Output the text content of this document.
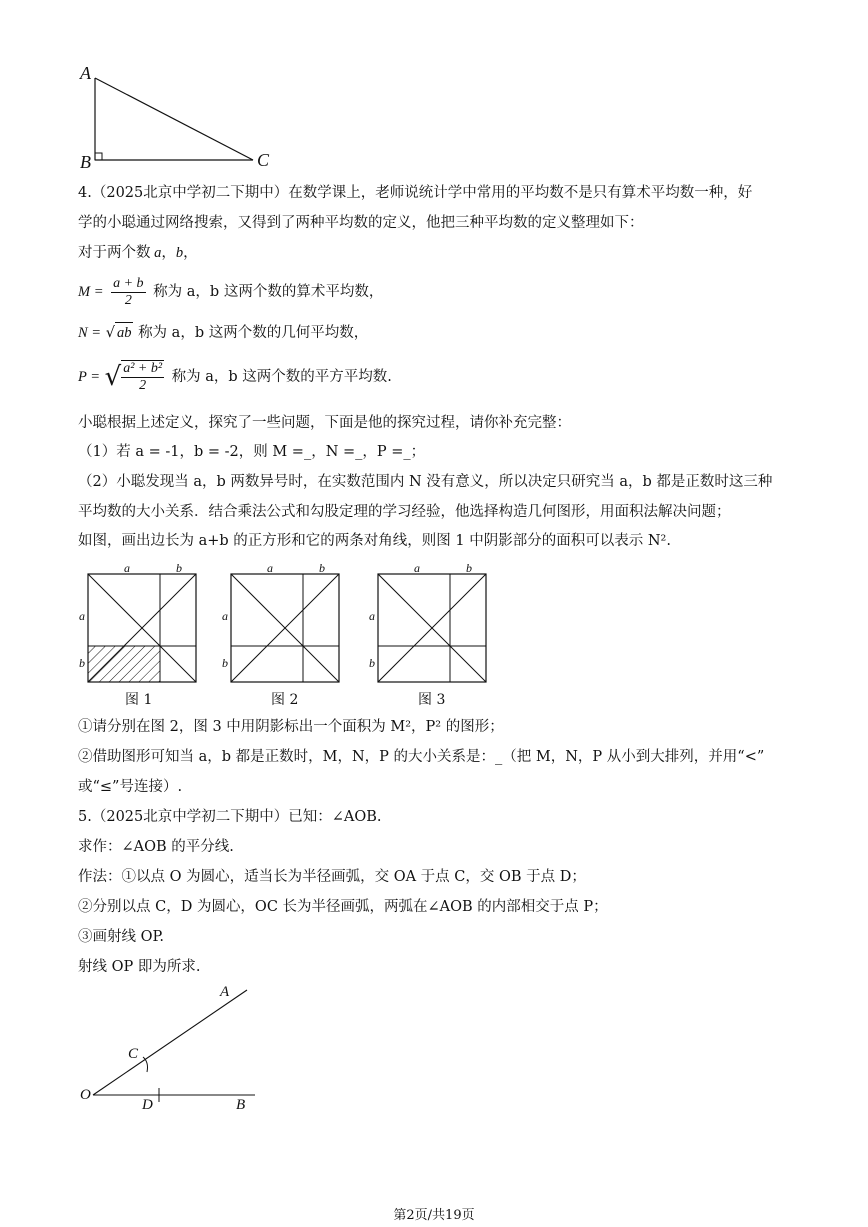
A
B	C
4.（2025北京中学初二下期中）在数学课上，老师说统计学中常用的平均数不是只有算术平均数一种，好
学的小聪通过网络搜索，又得到了两种平均数的定义，他把三种平均数的定义整理如下：
对于两个数 a，b，
$M = \frac{a + b}{2}$ 称为 a，b 这两个数的算术平均数，
N = √ ab 称为 a，b 这两个数的几何平均数，
P = √ $\frac{\text{a² + b²}}{2}$ 称为 a，b 这两个数的平方平均数.
小聪根据上述定义，探究了一些问题，下面是他的探究过程，请你补充完整：
（1）若 a = -1，b = -2，则 M =_，N =_，P =_；
（2）小聪发现当 a，b 两数异号时，在实数范围内 N 没有意义，所以决定只研究当 a，b 都是正数时这三种
平均数的大小关系．结合乘法公式和勾股定理的学习经验，他选择构造几何图形，用面积法解决问题；
如图，画出边长为 a+b 的正方形和它的两条对角线，则图 1 中阴影部分的面积可以表示 N².
a	b
a
b
a	b
a
b
a	b
a
b
图 1	图 2	图 3
①请分别在图 2，图 3 中用阴影标出一个面积为 M²，P² 的图形；
②借助图形可知当 a，b 都是正数时，M，N，P 的大小关系是：_（把 M，N，P 从小到大排列，并用“<”
或“≤”号连接）.
5.（2025北京中学初二下期中）已知：∠AOB.
求作：∠AOB 的平分线.
作法：①以点 O 为圆心，适当长为半径画弧，交 OA 于点 C，交 OB 于点 D；
②分别以点 C，D 为圆心，OC 长为半径画弧，两弧在∠AOB 的内部相交于点 P；
③画射线 OP.
射线 OP 即为所求.
A
C
O
D	B
第2页/共19页
